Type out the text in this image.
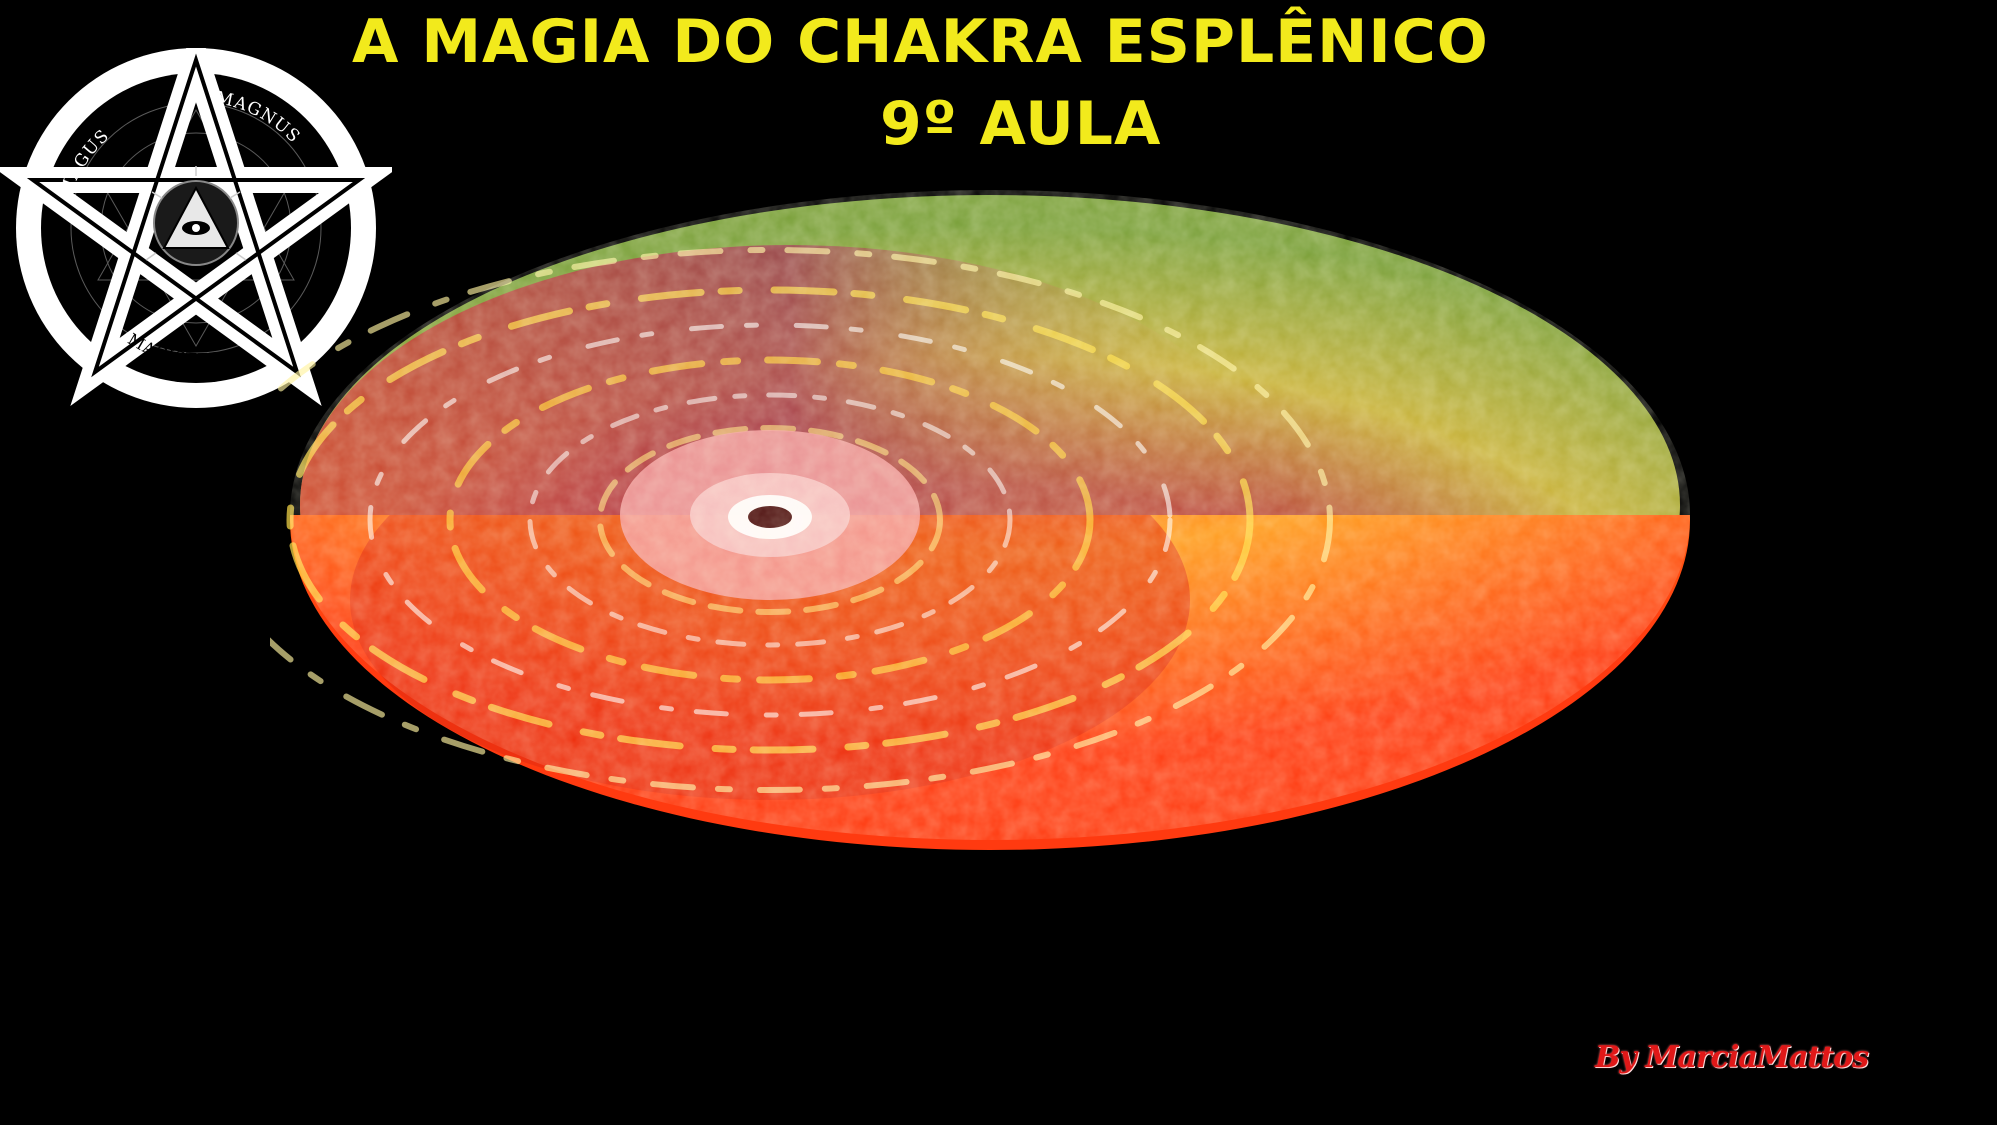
A MAGIA DO CHAKRA ESPLÊNICO
9º AULA
MAGUS
MAGNUS
MAGISTER
By MarciaMattos
